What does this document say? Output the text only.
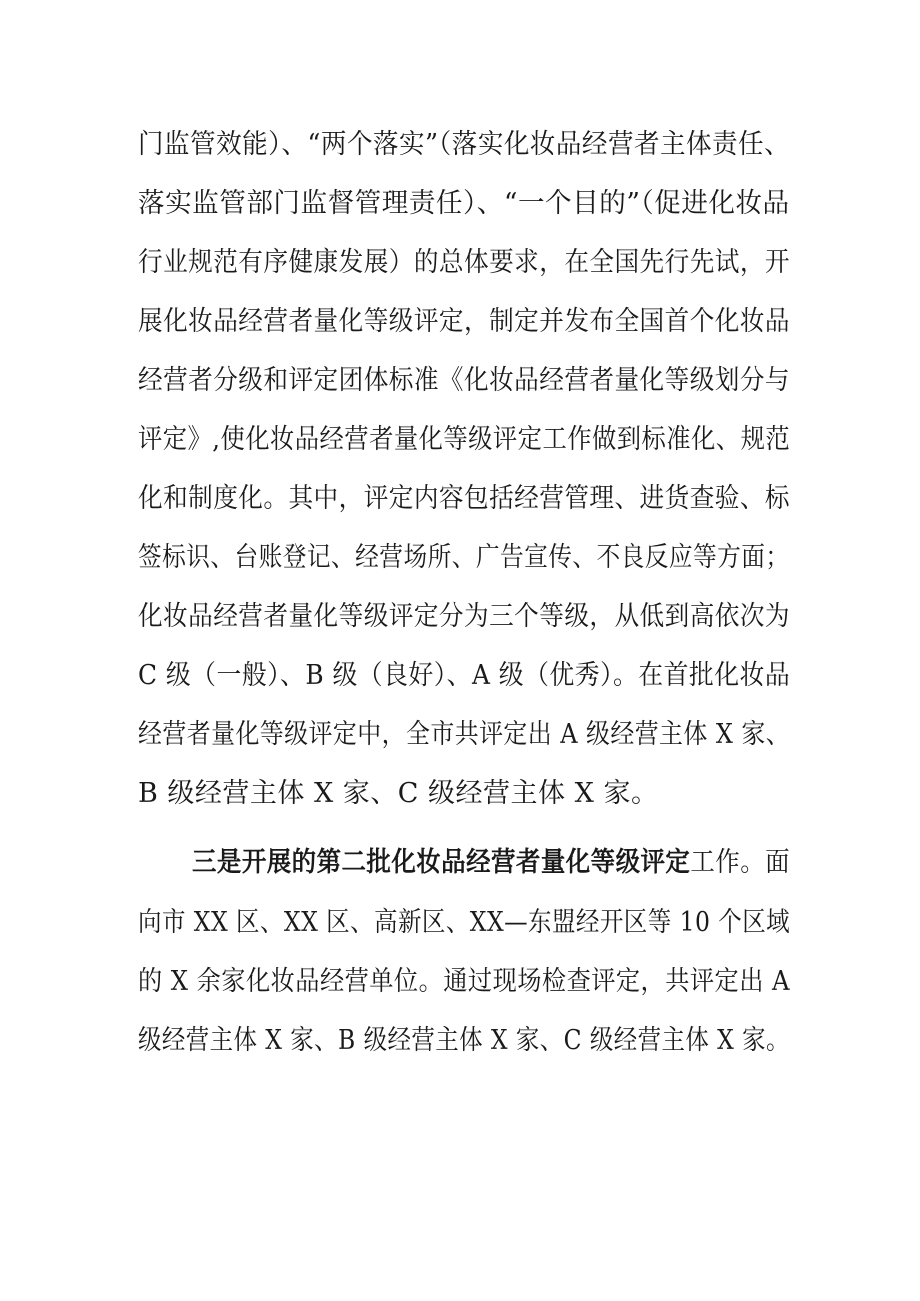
门监管效能）、“两个落实”（落实化妆品经营者主体责任、
落实监管部门监督管理责任）、“一个目的”（促进化妆品
行业规范有序健康发展）的总体要求，在全国先行先试，开
展化妆品经营者量化等级评定，制定并发布全国首个化妆品
经营者分级和评定团体标准《化妆品经营者量化等级划分与
评定》,使化妆品经营者量化等级评定工作做到标准化、规范
化和制度化。其中，评定内容包括经营管理、进货查验、标
签标识、台账登记、经营场所、广告宣传、不良反应等方面；
化妆品经营者量化等级评定分为三个等级，从低到高依次为
C 级（一般）、B 级（良好）、A 级（优秀）。在首批化妆品
经营者量化等级评定中，全市共评定出 A 级经营主体 X 家、
B 级经营主体 X 家、C 级经营主体 X 家。
三是开展的第二批化妆品经营者量化等级评定工作。面
向市 XX 区、XX 区、高新区、XX—东盟经开区等 10 个区域
的 X 余家化妆品经营单位。通过现场检查评定，共评定出 A
级经营主体 X 家、B 级经营主体 X 家、C 级经营主体 X 家。
